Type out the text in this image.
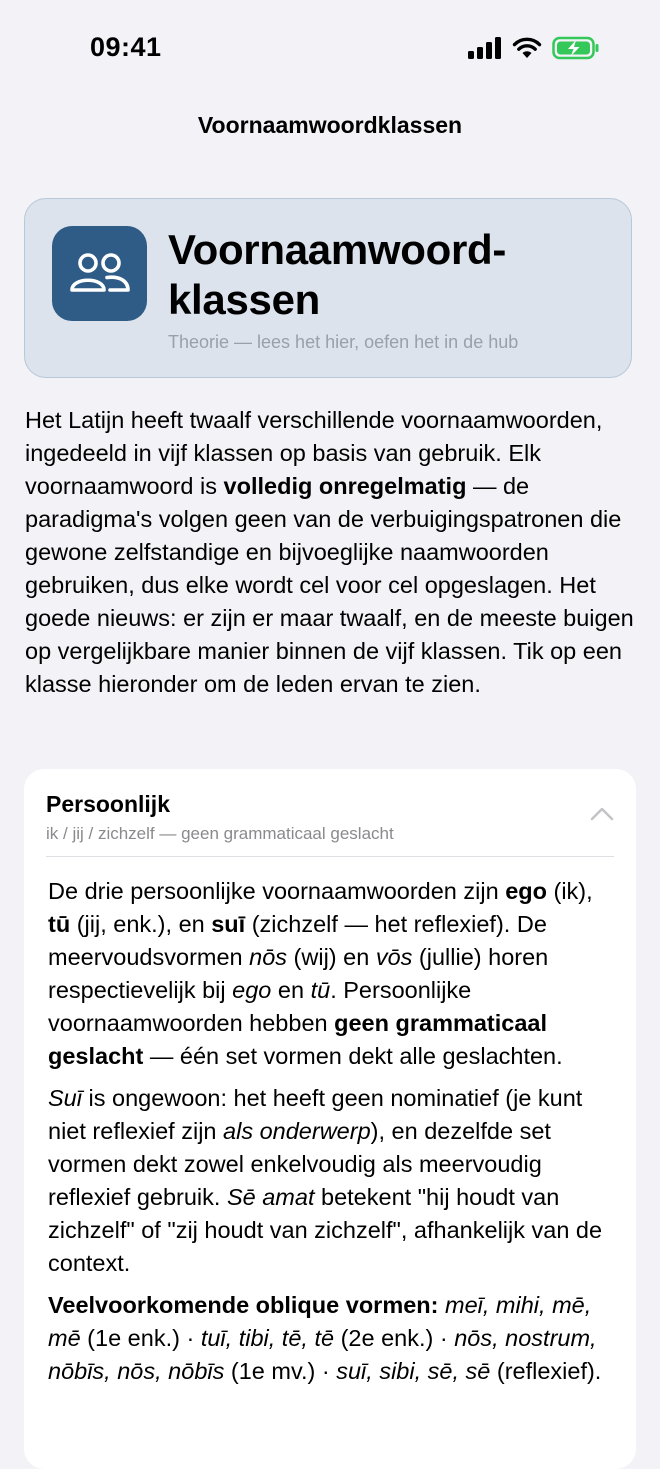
09:41
Voornaamwoordklassen
Voornaamwoord-
klassen
Theorie — lees het hier, oefen het in de hub

Het Latijn heeft twaalf verschillende voornaamwoorden, ingedeeld in vijf klassen op basis van gebruik. Elk voornaamwoord is volledig onregelmatig — de paradigma's volgen geen van de verbuigingspatronen die gewone zelfstandige en bijvoeglijke naamwoorden gebruiken, dus elke wordt cel voor cel opgeslagen. Het goede nieuws: er zijn er maar twaalf, en de meeste buigen op vergelijkbare manier binnen de vijf klassen. Tik op een klasse hieronder om de leden ervan te zien.

Persoonlijk
ik / jij / zichzelf — geen grammaticaal geslacht

De drie persoonlijke voornaamwoorden zijn ego (ik), tū (jij, enk.), en suī (zichzelf — het reflexief). De meervoudsvormen nōs (wij) en vōs (jullie) horen respectievelijk bij ego en tū. Persoonlijke voornaamwoorden hebben geen grammaticaal geslacht — één set vormen dekt alle geslachten.

Suī is ongewoon: het heeft geen nominatief (je kunt niet reflexief zijn als onderwerp), en dezelfde set vormen dekt zowel enkelvoudig als meervoudig reflexief gebruik. Sē amat betekent "hij houdt van zichzelf" of "zij houdt van zichzelf", afhankelijk van de context.

Veelvoorkomende oblique vormen: meī, mihi, mē, mē (1e enk.) · tuī, tibi, tē, tē (2e enk.) · nōs, nostrum, nōbīs, nōs, nōbīs (1e mv.) · suī, sibi, sē, sē (reflexief).
